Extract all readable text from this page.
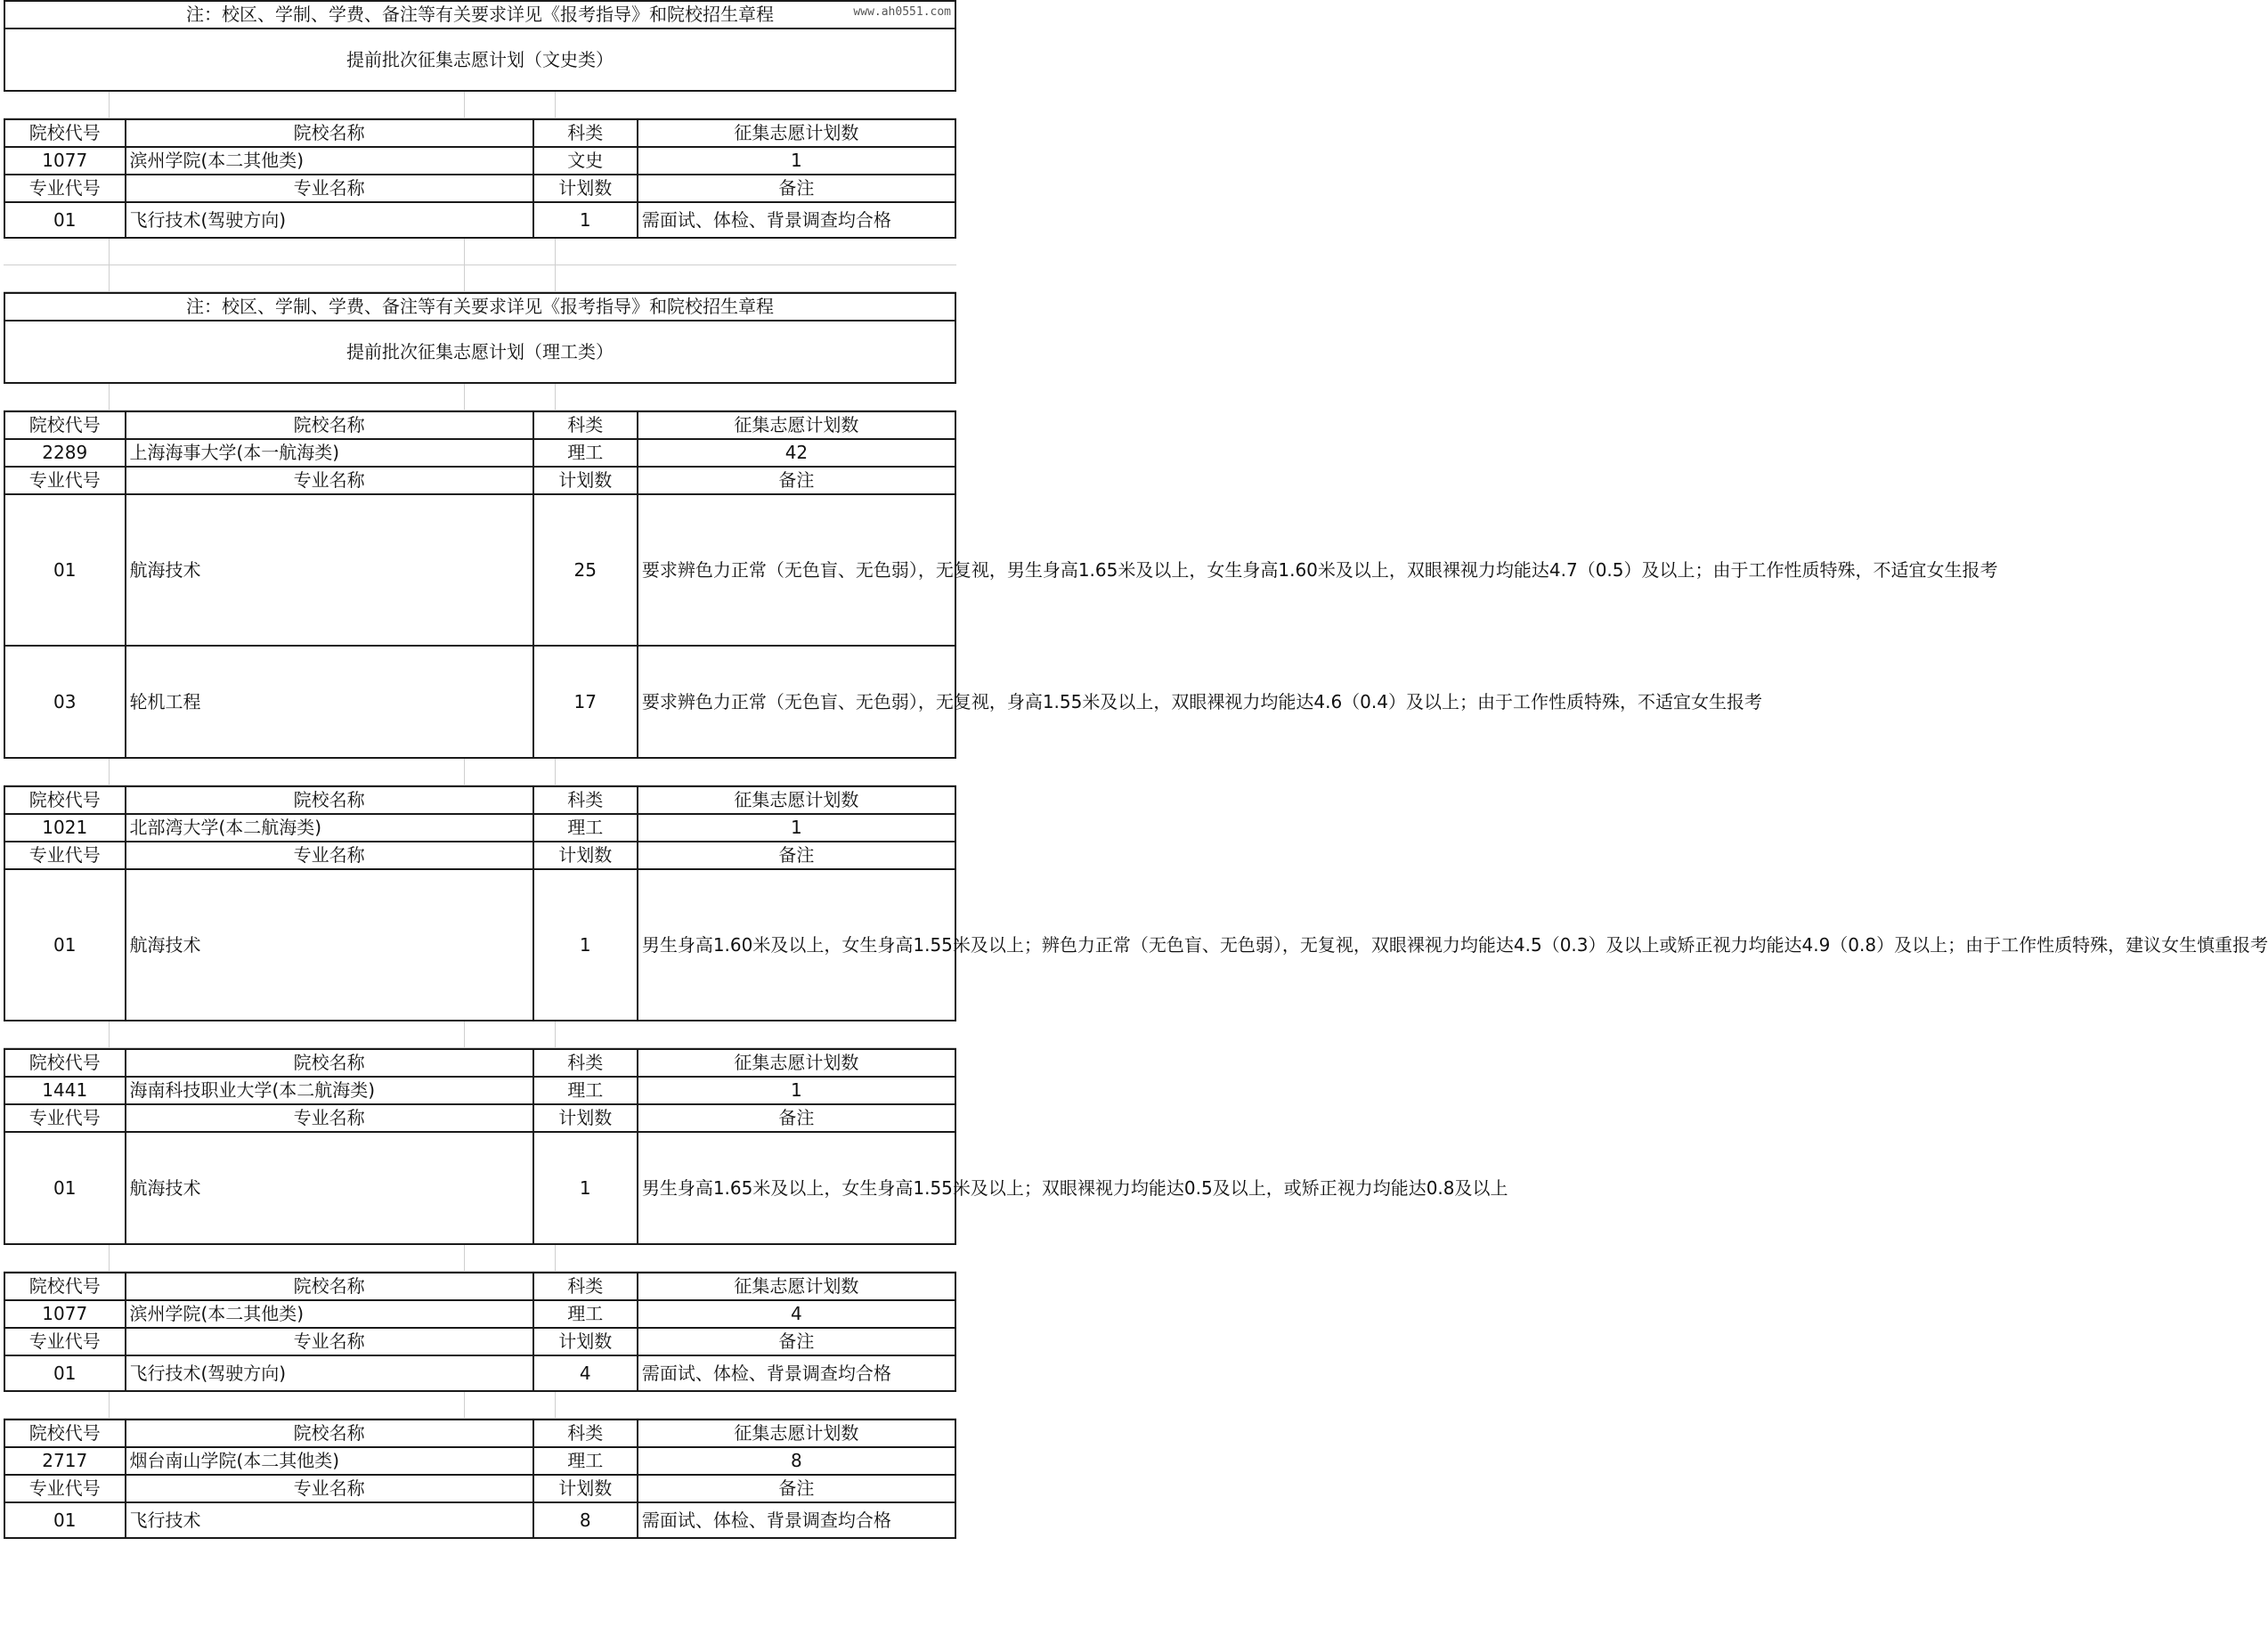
注：校区、学制、学费、备注等有关要求详见《报考指导》和院校招生章程
提前批次征集志愿计划（文史类）
院校代号	院校名称	科类	征集志愿计划数
1077	滨州学院(本二其他类)	文史	1
专业代号	专业名称	计划数	备注
01	飞行技术(驾驶方向)	1	需面试、体检、背景调查均合格
注：校区、学制、学费、备注等有关要求详见《报考指导》和院校招生章程
提前批次征集志愿计划（理工类）
院校代号	院校名称	科类	征集志愿计划数
2289	上海海事大学(本一航海类)	理工	42
专业代号	专业名称	计划数	备注
01	航海技术	25	要求辨色力正常（无色盲、无色弱），无复视，男生身高1.65米及以上，女生身高1.60米及以上，双眼裸视力均能达4.7（0.5）及以上；由于工作性质特殊，不适宜女生报考
03	轮机工程	17	要求辨色力正常（无色盲、无色弱），无复视，身高1.55米及以上，双眼裸视力均能达4.6（0.4）及以上；由于工作性质特殊，不适宜女生报考
院校代号	院校名称	科类	征集志愿计划数
1021	北部湾大学(本二航海类)	理工	1
专业代号	专业名称	计划数	备注
01	航海技术	1	男生身高1.60米及以上，女生身高1.55米及以上；辨色力正常（无色盲、无色弱），无复视，双眼裸视力均能达4.5（0.3）及以上或矫正视力均能达4.9（0.8）及以上；由于工作性质特殊，建议女生慎重报考
院校代号	院校名称	科类	征集志愿计划数
1441	海南科技职业大学(本二航海类)	理工	1
专业代号	专业名称	计划数	备注
01	航海技术	1	男生身高1.65米及以上，女生身高1.55米及以上；双眼裸视力均能达0.5及以上，或矫正视力均能达0.8及以上
院校代号	院校名称	科类	征集志愿计划数
1077	滨州学院(本二其他类)	理工	4
专业代号	专业名称	计划数	备注
01	飞行技术(驾驶方向)	4	需面试、体检、背景调查均合格
院校代号	院校名称	科类	征集志愿计划数
2717	烟台南山学院(本二其他类)	理工	8
专业代号	专业名称	计划数	备注
01	飞行技术	8	需面试、体检、背景调查均合格
www.ah0551.com
